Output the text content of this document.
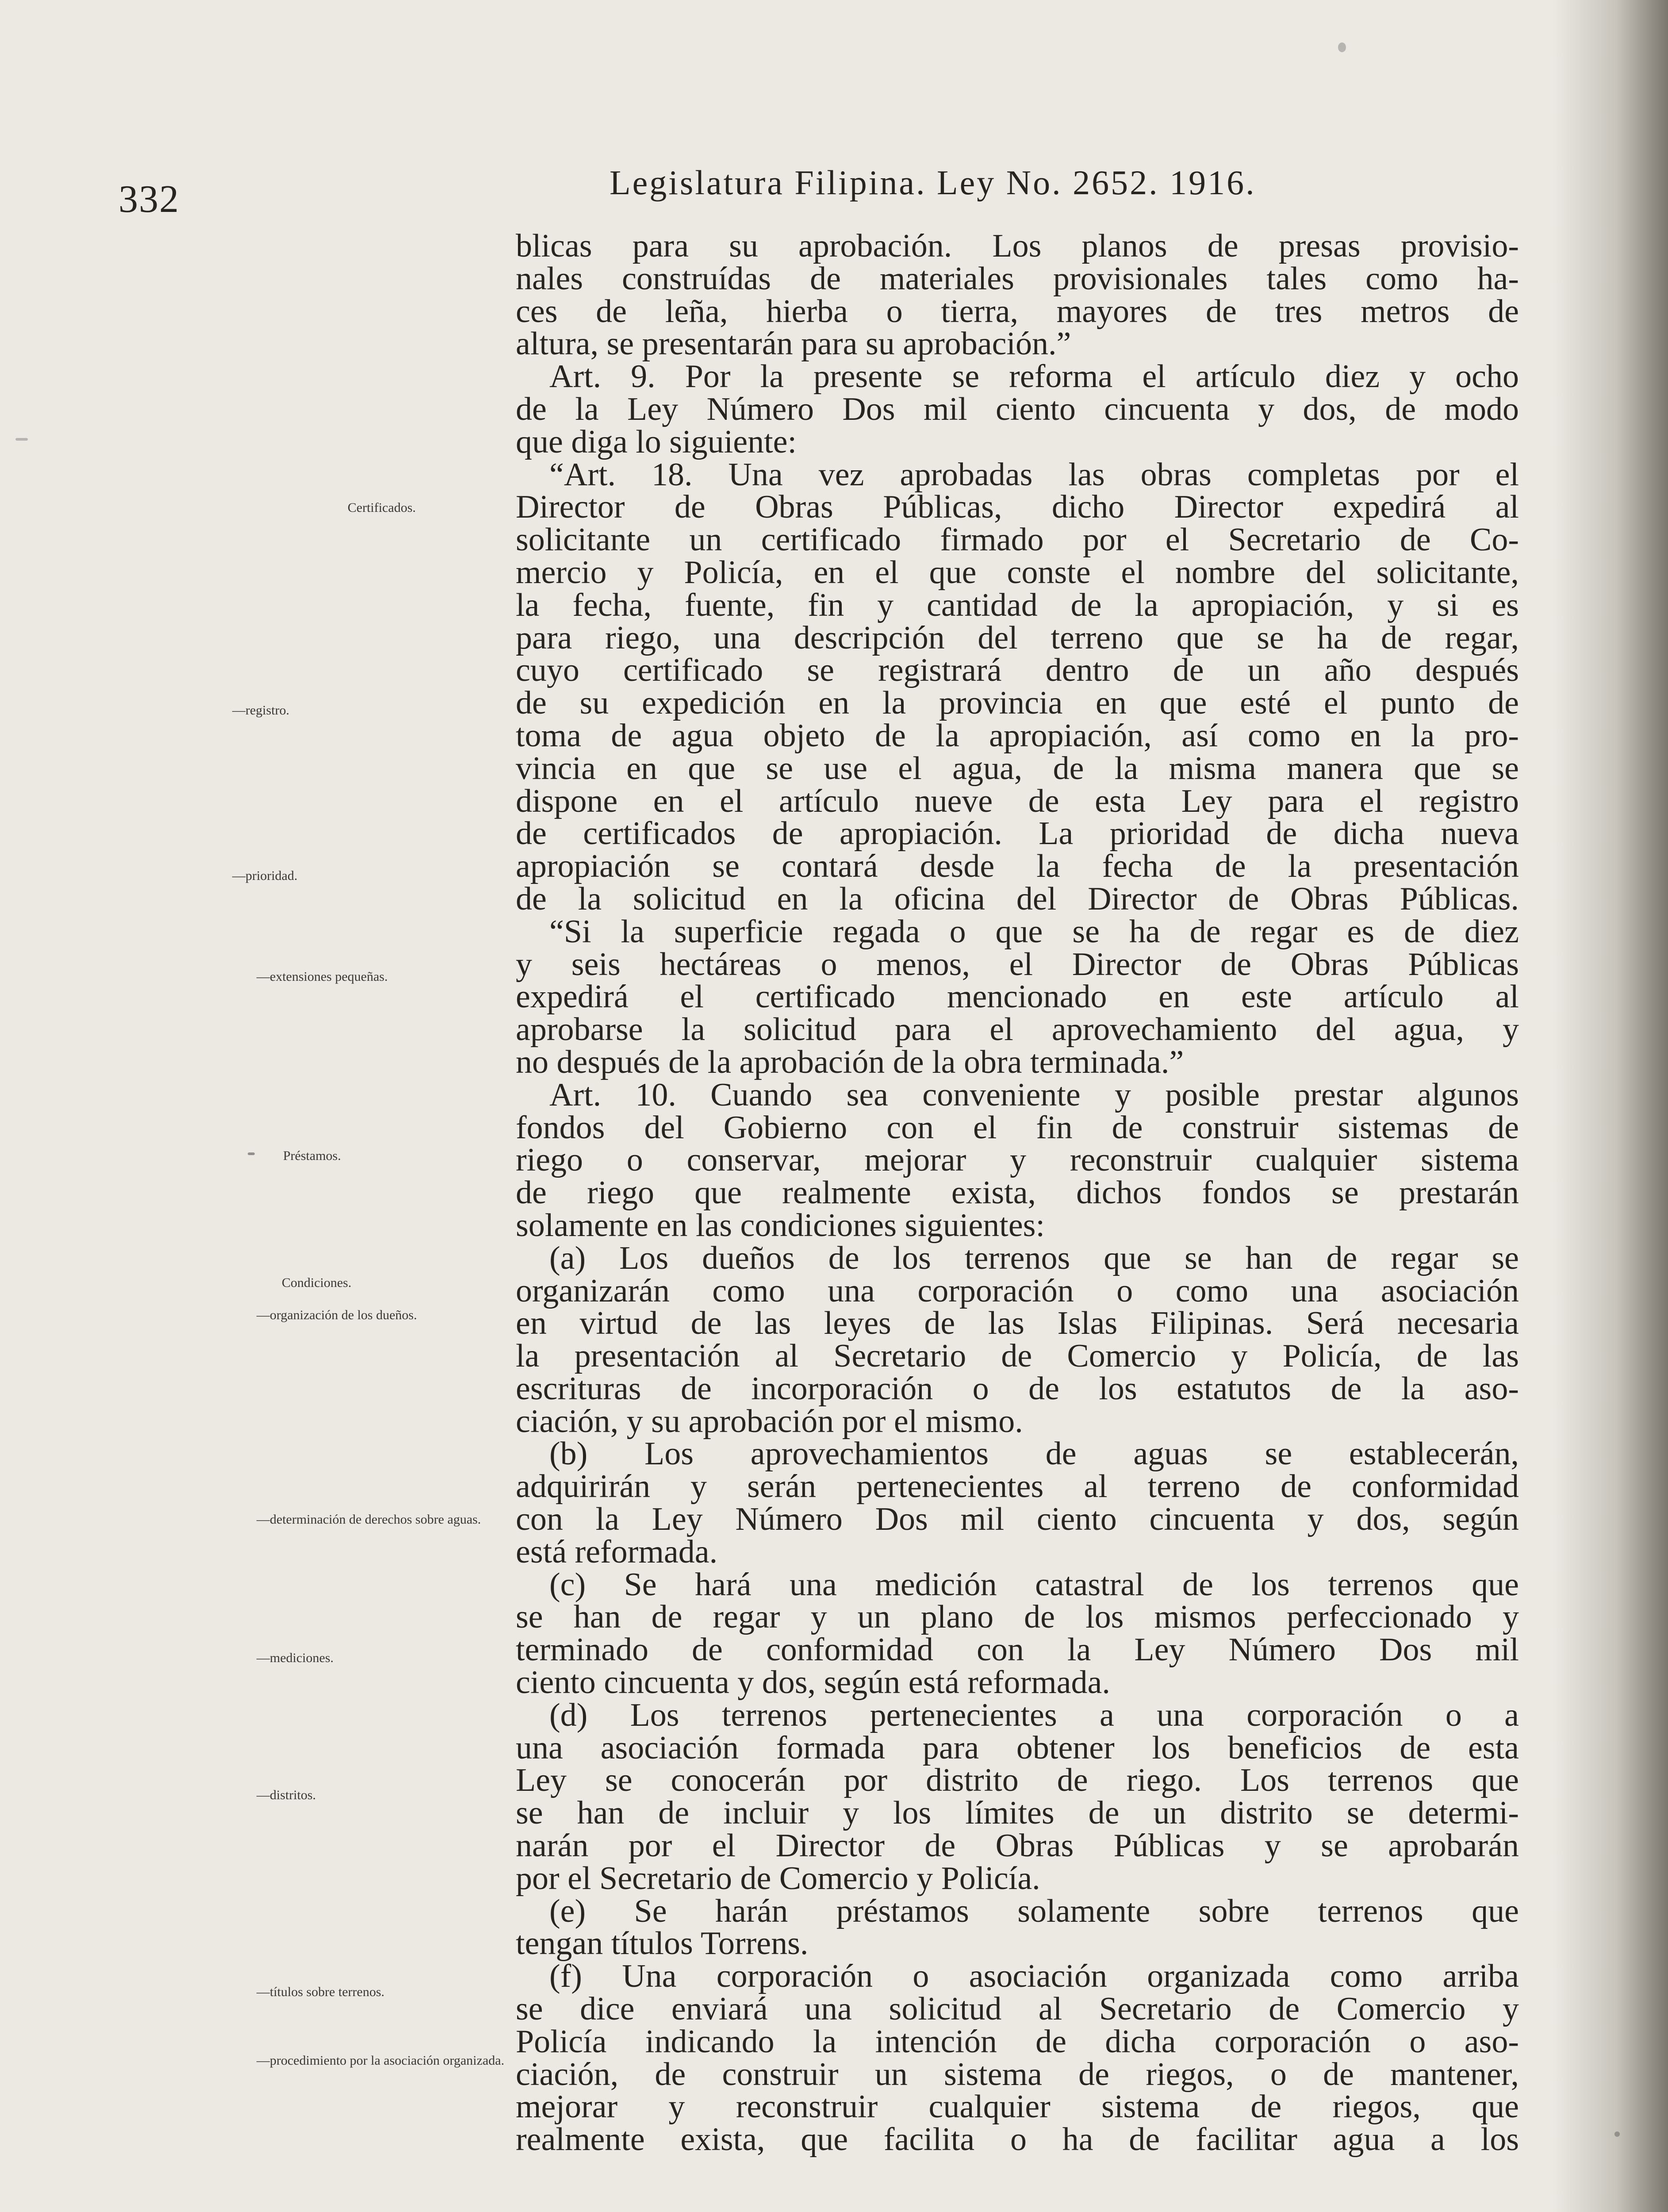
332	Legislatura Filipina. Ley No. 2652. 1916.
blicas para su aprobación. Los planos de presas provisio-
nales construídas de materiales provisionales tales como ha-
ces de leña, hierba o tierra, mayores de tres metros de
altura, se presentarán para su aprobación.”
Art. 9. Por la presente se reforma el artículo diez y ocho
de la Ley Número Dos mil ciento cincuenta y dos, de modo
que diga lo siguiente:
“Art. 18. Una vez aprobadas las obras completas por el
Director de Obras Públicas, dicho Director expedirá al
solicitante un certificado firmado por el Secretario de Co-
mercio y Policía, en el que conste el nombre del solicitante,
la fecha, fuente, fin y cantidad de la apropiación, y si es
para riego, una descripción del terreno que se ha de regar,
cuyo certificado se registrará dentro de un año después
de su expedición en la provincia en que esté el punto de
toma de agua objeto de la apropiación, así como en la pro-
vincia en que se use el agua, de la misma manera que se
dispone en el artículo nueve de esta Ley para el registro
de certificados de apropiación. La prioridad de dicha nueva
apropiación se contará desde la fecha de la presentación
de la solicitud en la oficina del Director de Obras Públicas.
“Si la superficie regada o que se ha de regar es de diez
y seis hectáreas o menos, el Director de Obras Públicas
expedirá el certificado mencionado en este artículo al
aprobarse la solicitud para el aprovechamiento del agua, y
no después de la aprobación de la obra terminada.”
Art. 10. Cuando sea conveniente y posible prestar algunos
fondos del Gobierno con el fin de construir sistemas de
riego o conservar, mejorar y reconstruir cualquier sistema
de riego que realmente exista, dichos fondos se prestarán
solamente en las condiciones siguientes:
(a) Los dueños de los terrenos que se han de regar se
organizarán como una corporación o como una asociación
en virtud de las leyes de las Islas Filipinas. Será necesaria
la presentación al Secretario de Comercio y Policía, de las
escrituras de incorporación o de los estatutos de la aso-
ciación, y su aprobación por el mismo.
(b) Los aprovechamientos de aguas se establecerán,
adquirirán y serán pertenecientes al terreno de conformidad
con la Ley Número Dos mil ciento cincuenta y dos, según
está reformada.
(c) Se hará una medición catastral de los terrenos que
se han de regar y un plano de los mismos perfeccionado y
terminado de conformidad con la Ley Número Dos mil
ciento cincuenta y dos, según está reformada.
(d) Los terrenos pertenecientes a una corporación o a
una asociación formada para obtener los beneficios de esta
Ley se conocerán por distrito de riego. Los terrenos que
se han de incluir y los límites de un distrito se determi-
narán por el Director de Obras Públicas y se aprobarán
por el Secretario de Comercio y Policía.
(e) Se harán préstamos solamente sobre terrenos que
tengan títulos Torrens.
(f) Una corporación o asociación organizada como arriba
se dice enviará una solicitud al Secretario de Comercio y
Policía indicando la intención de dicha corporación o aso-
ciación, de construir un sistema de riegos, o de mantener,
mejorar y reconstruir cualquier sistema de riegos, que
realmente exista, que facilita o ha de facilitar agua a los
Certificados.
—registro.
—prioridad.
—extensiones pequeñas.
Préstamos.
Condiciones.
—organización de los dueños.
—determinación de derechos sobre aguas.
—mediciones.
—distritos.
—títulos sobre terrenos.
—procedimiento por la asociación organizada.
